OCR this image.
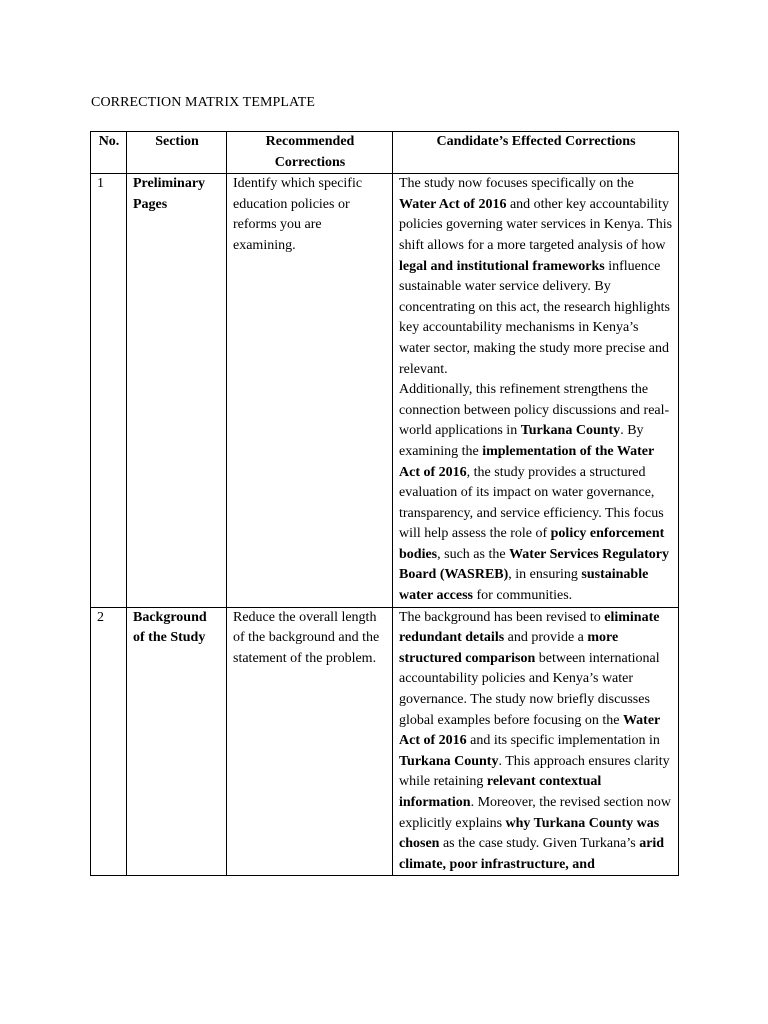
CORRECTION MATRIX TEMPLATE
No.	Section	Recommended Corrections	Candidate’s Effected Corrections
1	Preliminary Pages	Identify which specific education policies or reforms you are examining.	The study now focuses specifically on the Water Act of 2016 and other key accountability policies governing water services in Kenya. This shift allows for a more targeted analysis of how legal and institutional frameworks influence sustainable water service delivery. By concentrating on this act, the research highlights key accountability mechanisms in Kenya’s water sector, making the study more precise and relevant.
Additionally, this refinement strengthens the connection between policy discussions and real-world applications in Turkana County. By examining the implementation of the Water Act of 2016, the study provides a structured evaluation of its impact on water governance, transparency, and service efficiency. This focus will help assess the role of policy enforcement bodies, such as the Water Services Regulatory Board (WASREB), in ensuring sustainable water access for communities.
2	Background of the Study	Reduce the overall length of the background and the statement of the problem.	The background has been revised to eliminate redundant details and provide a more structured comparison between international accountability policies and Kenya’s water governance. The study now briefly discusses global examples before focusing on the Water Act of 2016 and its specific implementation in Turkana County. This approach ensures clarity while retaining relevant contextual information. Moreover, the revised section now explicitly explains why Turkana County was chosen as the case study. Given Turkana’s arid climate, poor infrastructure, and
